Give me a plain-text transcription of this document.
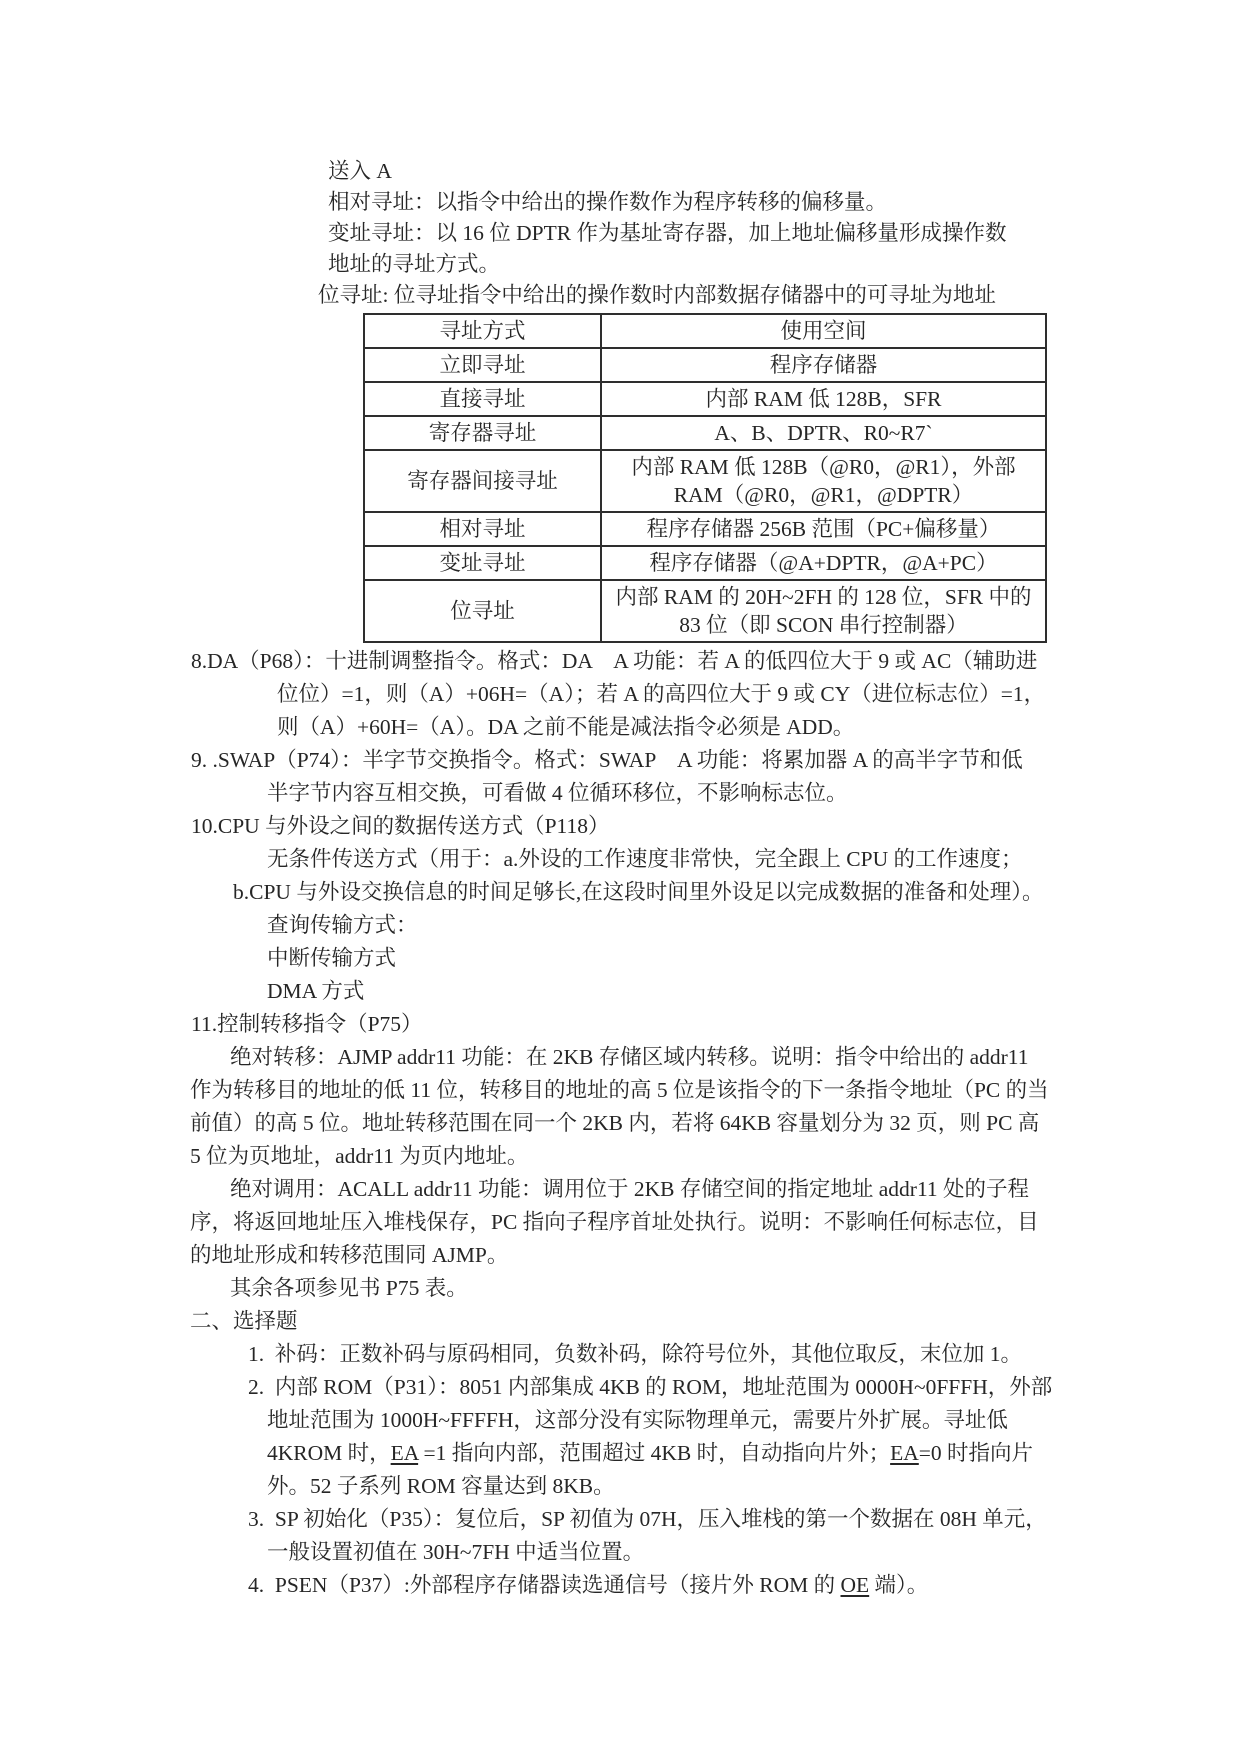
送入 A
相对寻址：以指令中给出的操作数作为程序转移的偏移量。
变址寻址：以 16 位 DPTR 作为基址寄存器，加上地址偏移量形成操作数
地址的寻址方式。
位寻址: 位寻址指令中给出的操作数时内部数据存储器中的可寻址为地址
寻址方式	使用空间
立即寻址	程序存储器
直接寻址	内部 RAM 低 128B，SFR
寄存器寻址	A、B、DPTR、R0~R7`
寄存器间接寻址	内部 RAM 低 128B（@R0，@R1），外部 RAM（@R0，@R1，@DPTR）
相对寻址	程序存储器 256B 范围（PC+偏移量）
变址寻址	程序存储器（@A+DPTR，@A+PC）
位寻址	内部 RAM 的 20H~2FH 的 128 位，SFR 中的 83 位（即 SCON 串行控制器）
8.DA（P68）：十进制调整指令。格式：DA　A 功能：若 A 的低四位大于 9 或 AC（辅助进
位位）=1，则（A）+06H=（A）；若 A 的高四位大于 9 或 CY（进位标志位）=1，
则（A）+60H=（A）。DA 之前不能是减法指令必须是 ADD。
9. .SWAP（P74）：半字节交换指令。格式：SWAP　A 功能：将累加器 A 的高半字节和低
半字节内容互相交换，可看做 4 位循环移位，不影响标志位。
10.CPU 与外设之间的数据传送方式（P118）
无条件传送方式（用于：a.外设的工作速度非常快，完全跟上 CPU 的工作速度；
b.CPU 与外设交换信息的时间足够长,在这段时间里外设足以完成数据的准备和处理）。
查询传输方式：
中断传输方式
DMA 方式
11.控制转移指令（P75）
绝对转移：AJMP addr11 功能：在 2KB 存储区域内转移。说明：指令中给出的 addr11
作为转移目的地址的低 11 位，转移目的地址的高 5 位是该指令的下一条指令地址（PC 的当
前值）的高 5 位。地址转移范围在同一个 2KB 内，若将 64KB 容量划分为 32 页，则 PC 高
5 位为页地址，addr11 为页内地址。
绝对调用：ACALL addr11 功能：调用位于 2KB 存储空间的指定地址 addr11 处的子程
序，将返回地址压入堆栈保存，PC 指向子程序首址处执行。说明：不影响任何标志位，目
的地址形成和转移范围同 AJMP。
其余各项参见书 P75 表。
二、选择题
1.  补码：正数补码与原码相同，负数补码，除符号位外，其他位取反，末位加 1。
2.  内部 ROM（P31）：8051 内部集成 4KB 的 ROM，地址范围为 0000H~0FFFH，外部
地址范围为 1000H~FFFFH，这部分没有实际物理单元，需要片外扩展。寻址低
4KROM 时，EA =1 指向内部，范围超过 4KB 时，自动指向片外；EA=0 时指向片
外。52 子系列 ROM 容量达到 8KB。
3.  SP 初始化（P35）：复位后，SP 初值为 07H，压入堆栈的第一个数据在 08H 单元，
一般设置初值在 30H~7FH 中适当位置。
4.  PSEN（P37）:外部程序存储器读选通信号（接片外 ROM 的 OE 端）。
